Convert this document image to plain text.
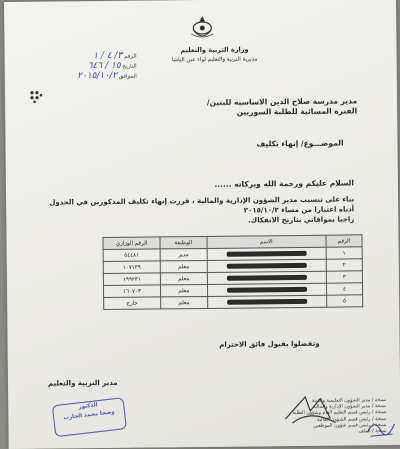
وزارة التربية والتعليم
مديرية التربية والتعليم لواء عين الباشا
الرقم ٣/ ٤ / ١
التاريخ ١٥ / ٦٤٦
الموافق ٢٠١٥/١٠/٢
مدير مدرسة صلاح الدين الاساسيه للبنين/
الفترة المسائية للطلبة السوريين
الموضـــوع/ إنهاء تكليف
السلام عليكم ورحمة الله وبركاته ......
بناء على تنسيب مدير الشؤون الإدارية والمالية ، قررت إنهاء تكليف المذكورين في الجدول
أدناه اعتبارا من مساء ٢٠١٥/١٠/٢
راجيا بموافاتي بتاريخ الانفكاك.
الرقم	الاسم	الوظيفة	الرقم الوزاري
١		مدير	٥٤٤٨١
٢		معلم	١٠٧١٣٩
٣		معلم	١٩٩٢٣١
٤		معلم	١٦٠٧٠٣
٥		معلم	خارج
وتفضلوا بقبول فائق الاحترام
مدير التربية والتعليم
الدكتور
وضحا محمد الجارب
نسخة / مدير الشؤون التعليمية والفنية
نسخة / مدير الشؤون الإدارية والمالية
نسخة / رئيس قسم التعليم العام وشؤون الطلبة
نسخة / رئيس قسم الشؤون المالية
نسخة / رئيس قسم شؤون الموظفين
نسخة / الملف
